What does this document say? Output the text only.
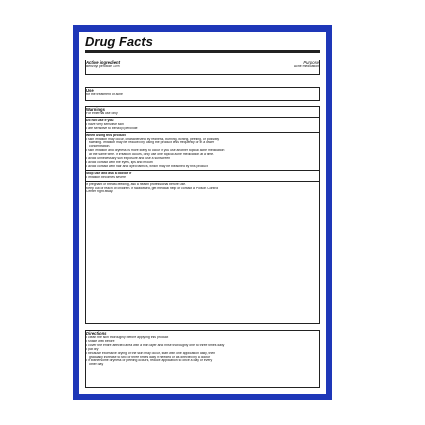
Drug Facts
Active ingredient	Purpose
Benzoyl peroxide 10%	Acne medication
Use
for the treatment of acne
Warnings
For external use only
Do not use if you
• have very sensitive skin
• are sensitive to benzoyl peroxide
When using this product
• skin irritation may occur, characterized by redness, burning, itching, peeling, or possibly
swelling. Irritation may be reduced by using the product less frequently or in a lower
concentration.
• skin irritation and dryness is more likely to occur if you use another topical acne medication
at the same time. If irritation occurs, only use one topical acne medication at a time.
• avoid unnecessary sun exposure and use a sunscreen
• avoid contact with the eyes, lips and mouth
• avoid contact with hair and dyed fabrics, which may be bleached by this product
Stop use and ask a doctor if
• irritation becomes severe
If pregnant or breast-feeding, ask a health professional before use.
Keep out of reach of children. If swallowed, get medical help or contact a Poison Control
Center right away.
Directions
• clean the skin thoroughly before applying this product
• shake well before
• cover the entire affected area with a thin layer and rinse thoroughly one to three times daily
• pat dry
• because excessive drying of the skin may occur, start with one application daily, then
gradually increase to two or three times daily if needed or as directed by a doctor
• if bothersome dryness or peeling occurs, reduce application to once a day or every
other day
